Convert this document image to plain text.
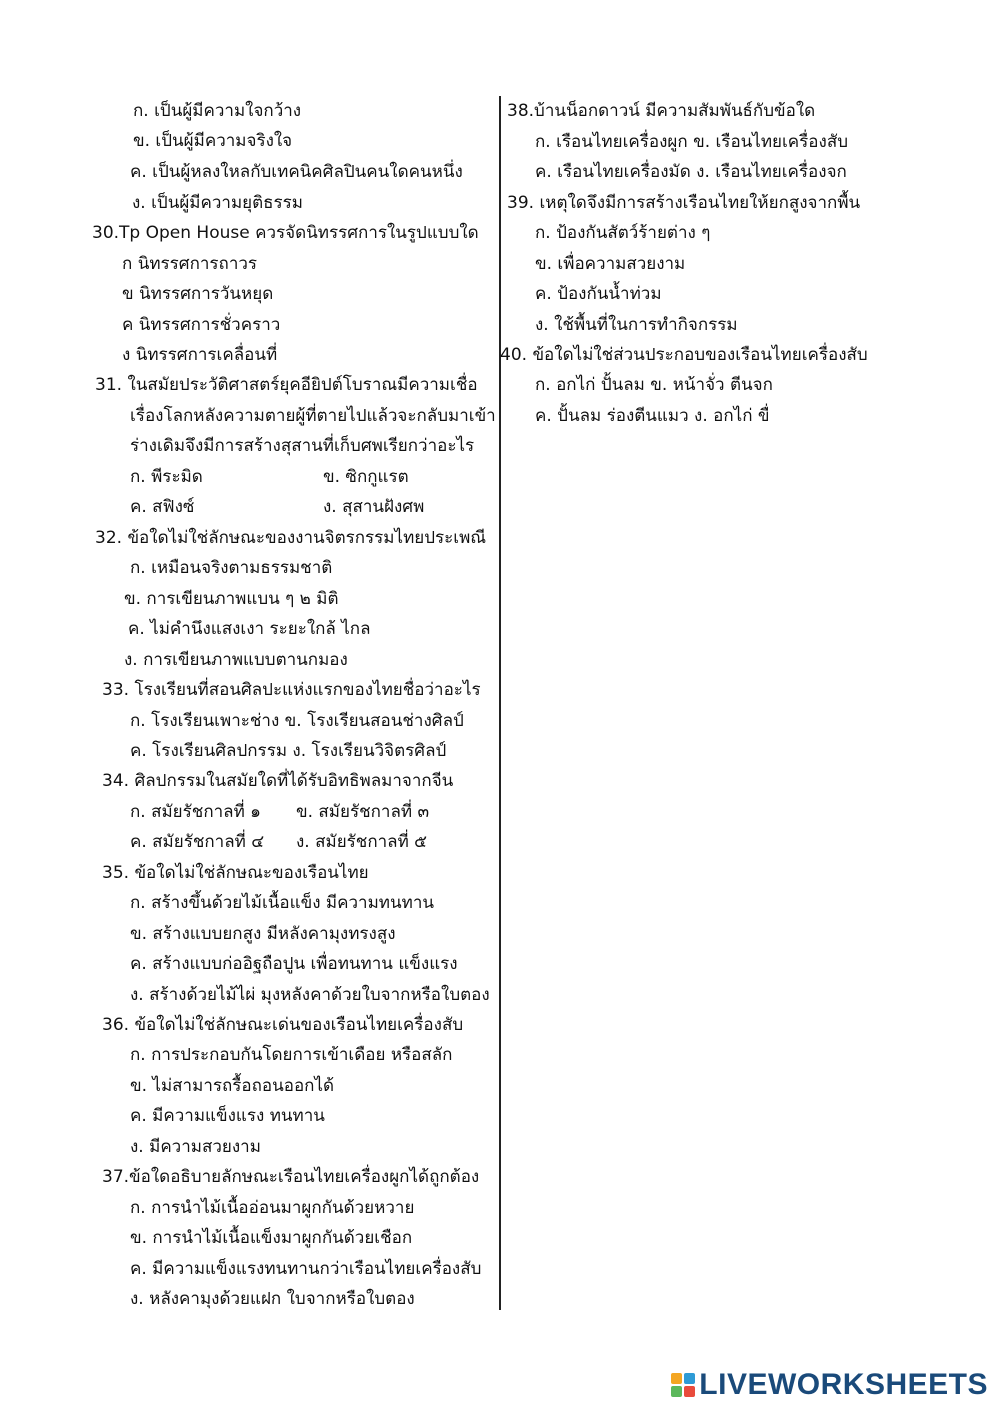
ก. เป็นผู้มีความใจกว้าง
ข. เป็นผู้มีความจริงใจ
ค. เป็นผู้หลงใหลกับเทคนิคศิลปินคนใดคนหนึ่ง
ง. เป็นผู้มีความยุติธรรม
30.Tp Open House ควรจัดนิทรรศการในรูปแบบใด
ก นิทรรศการถาวร
ข นิทรรศการวันหยุด
ค นิทรรศการชั่วคราว
ง นิทรรศการเคลื่อนที่
31. ในสมัยประวัติศาสตร์ยุคอียิปต์โบราณมีความเชื่อ
เรื่องโลกหลังความตายผู้ที่ตายไปแล้วจะกลับมาเข้า
ร่างเดิมจึงมีการสร้างสุสานที่เก็บศพเรียกว่าอะไร
ก. พีระมิด	ข. ซิกกูแรต
ค. สฟิงซ์	ง. สุสานฝังศพ
32. ข้อใดไม่ใช่ลักษณะของงานจิตรกรรมไทยประเพณี
ก. เหมือนจริงตามธรรมชาติ
ข. การเขียนภาพแบน ๆ ๒ มิติ
ค. ไม่คำนึงแสงเงา ระยะใกล้ ไกล
ง. การเขียนภาพแบบตานกมอง
33. โรงเรียนที่สอนศิลปะแห่งแรกของไทยชื่อว่าอะไร
ก. โรงเรียนเพาะช่าง ข. โรงเรียนสอนช่างศิลป์
ค. โรงเรียนศิลปกรรม ง. โรงเรียนวิจิตรศิลป์
34. ศิลปกรรมในสมัยใดที่ได้รับอิทธิพลมาจากจีน
ก. สมัยรัชกาลที่ ๑ ข. สมัยรัชกาลที่ ๓
ค. สมัยรัชกาลที่ ๔ ง. สมัยรัชกาลที่ ๕
35. ข้อใดไม่ใช่ลักษณะของเรือนไทย
ก. สร้างขึ้นด้วยไม้เนื้อแข็ง มีความทนทาน
ข. สร้างแบบยกสูง มีหลังคามุงทรงสูง
ค. สร้างแบบก่ออิฐถือปูน เพื่อทนทาน แข็งแรง
ง. สร้างด้วยไม้ไผ่ มุงหลังคาด้วยใบจากหรือใบตอง
36. ข้อใดไม่ใช่ลักษณะเด่นของเรือนไทยเครื่องสับ
ก. การประกอบกันโดยการเข้าเดือย หรือสลัก
ข. ไม่สามารถรื้อถอนออกได้
ค. มีความแข็งแรง ทนทาน
ง. มีความสวยงาม
37.ข้อใดอธิบายลักษณะเรือนไทยเครื่องผูกได้ถูกต้อง
ก. การนำไม้เนื้ออ่อนมาผูกกันด้วยหวาย
ข. การนำไม้เนื้อแข็งมาผูกกันด้วยเชือก
ค. มีความแข็งแรงทนทานกว่าเรือนไทยเครื่องสับ
ง. หลังคามุงด้วยแฝก ใบจากหรือใบตอง
38.บ้านน็อกดาวน์ มีความสัมพันธ์กับข้อใด
ก. เรือนไทยเครื่องผูก ข. เรือนไทยเครื่องสับ
ค. เรือนไทยเครื่องมัด ง. เรือนไทยเครื่องจก
39. เหตุใดจึงมีการสร้างเรือนไทยให้ยกสูงจากพื้น
ก. ป้องกันสัตว์ร้ายต่าง ๆ
ข. เพื่อความสวยงาม
ค. ป้องกันน้ำท่วม
ง. ใช้พื้นที่ในการทำกิจกรรม
40. ข้อใดไม่ใช่ส่วนประกอบของเรือนไทยเครื่องสับ
ก. อกไก่ ปั้นลม ข. หน้าจั่ว ตีนจก
ค. ปั้นลม ร่องตีนแมว ง. อกไก่ ขื่
LIVEWORKSHEETS
